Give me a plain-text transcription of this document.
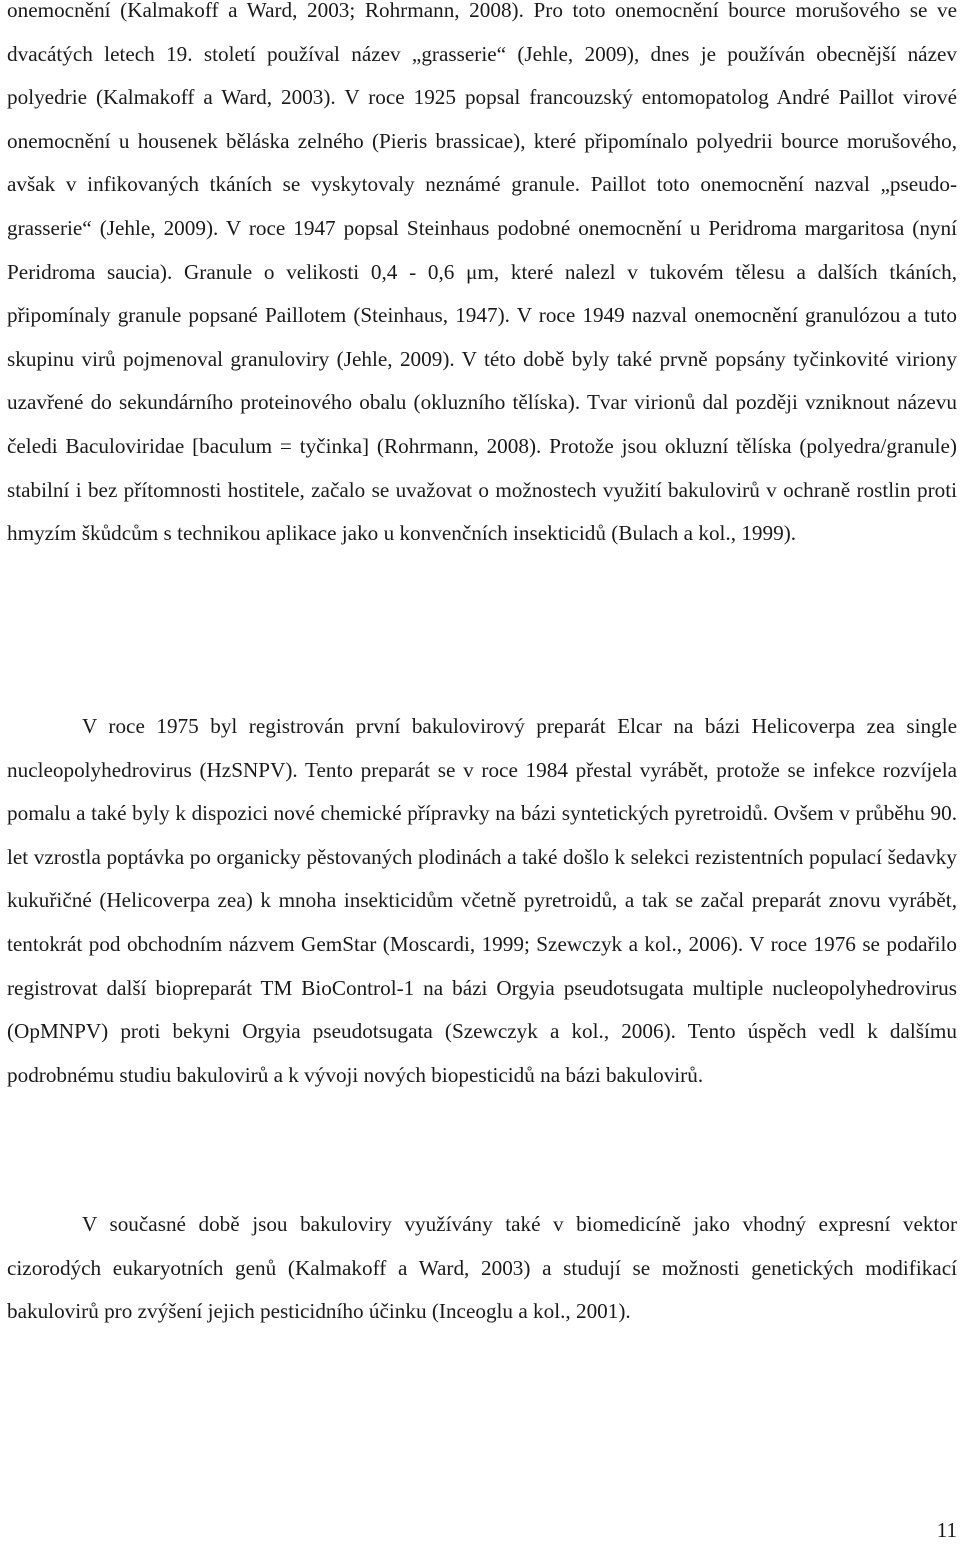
onemocnění (Kalmakoff a Ward, 2003; Rohrmann, 2008). Pro toto onemocnění bource morušového se ve dvacátých letech 19. století používal název „grasserie“ (Jehle, 2009), dnes je používán obecnější název polyedrie (Kalmakoff a Ward, 2003). V roce 1925 popsal francouzský entomopatolog André Paillot virové onemocnění u housenek běláska zelného (Pieris brassicae), které připomínalo polyedrii bource morušového, avšak v infikovaných tkáních se vyskytovaly neznámé granule. Paillot toto onemocnění nazval „pseudo-grasserie“ (Jehle, 2009). V roce 1947 popsal Steinhaus podobné onemocnění u Peridroma margaritosa (nyní Peridroma saucia). Granule o velikosti 0,4 - 0,6 μm, které nalezl v tukovém tělesu a dalších tkáních, připomínaly granule popsané Paillotem (Steinhaus, 1947). V roce 1949 nazval onemocnění granulózou a tuto skupinu virů pojmenoval granuloviry (Jehle, 2009). V této době byly také prvně popsány tyčinkovité viriony uzavřené do sekundárního proteinového obalu (okluzního tělíska). Tvar virionů dal později vzniknout názevu čeledi Baculoviridae [baculum = tyčinka] (Rohrmann, 2008). Protože jsou okluzní tělíska (polyedra/granule) stabilní i bez přítomnosti hostitele, začalo se uvažovat o možnostech využití bakulovirů v ochraně rostlin proti hmyzím škůdcům s technikou aplikace jako u konvenčních insekticidů (Bulach a kol., 1999).

V roce 1975 byl registrován první bakulovirový preparát Elcar na bázi Helicoverpa zea single nucleopolyhedrovirus (HzSNPV). Tento preparát se v roce 1984 přestal vyrábět, protože se infekce rozvíjela pomalu a také byly k dispozici nové chemické přípravky na bázi syntetických pyretroidů. Ovšem v průběhu 90. let vzrostla poptávka po organicky pěstovaných plodinách a také došlo k selekci rezistentních populací šedavky kukuřičné (Helicoverpa zea) k mnoha insekticidům včetně pyretroidů, a tak se začal preparát znovu vyrábět, tentokrát pod obchodním názvem GemStar (Moscardi, 1999; Szewczyk a kol., 2006). V roce 1976 se podařilo registrovat další biopreparát TM BioControl-1 na bázi Orgyia pseudotsugata multiple nucleopolyhedrovirus (OpMNPV) proti bekyni Orgyia pseudotsugata (Szewczyk a kol., 2006). Tento úspěch vedl k dalšímu podrobnému studiu bakulovirů a k vývoji nových biopesticidů na bázi bakulovirů.

V současné době jsou bakuloviry využívány také v biomedicíně jako vhodný expresní vektor cizorodých eukaryotních genů (Kalmakoff a Ward, 2003) a studují se možnosti genetických modifikací bakulovirů pro zvýšení jejich pesticidního účinku (Inceoglu a kol., 2001).

11
